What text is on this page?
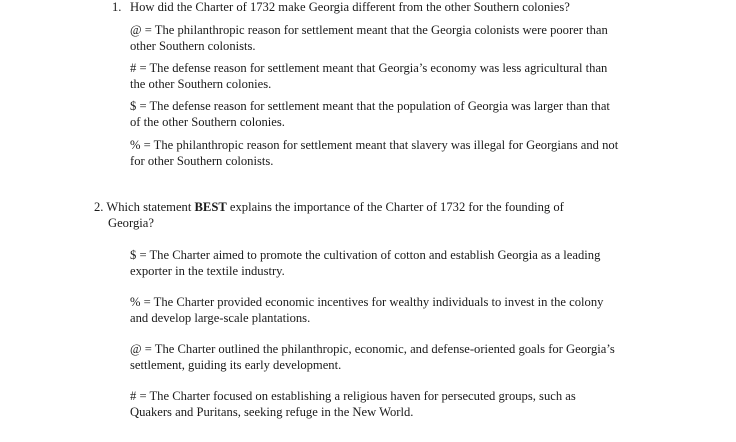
1. How did the Charter of 1732 make Georgia different from the other Southern colonies?
@ = The philanthropic reason for settlement meant that the Georgia colonists were poorer than other Southern colonists.
# = The defense reason for settlement meant that Georgia’s economy was less agricultural than the other Southern colonies.
$ = The defense reason for settlement meant that the population of Georgia was larger than that of the other Southern colonies.
% = The philanthropic reason for settlement meant that slavery was illegal for Georgians and not for other Southern colonists.
2. Which statement BEST explains the importance of the Charter of 1732 for the founding of Georgia?
$ = The Charter aimed to promote the cultivation of cotton and establish Georgia as a leading exporter in the textile industry.
% = The Charter provided economic incentives for wealthy individuals to invest in the colony and develop large-scale plantations.
@ = The Charter outlined the philanthropic, economic, and defense-oriented goals for Georgia’s settlement, guiding its early development.
# = The Charter focused on establishing a religious haven for persecuted groups, such as Quakers and Puritans, seeking refuge in the New World.
